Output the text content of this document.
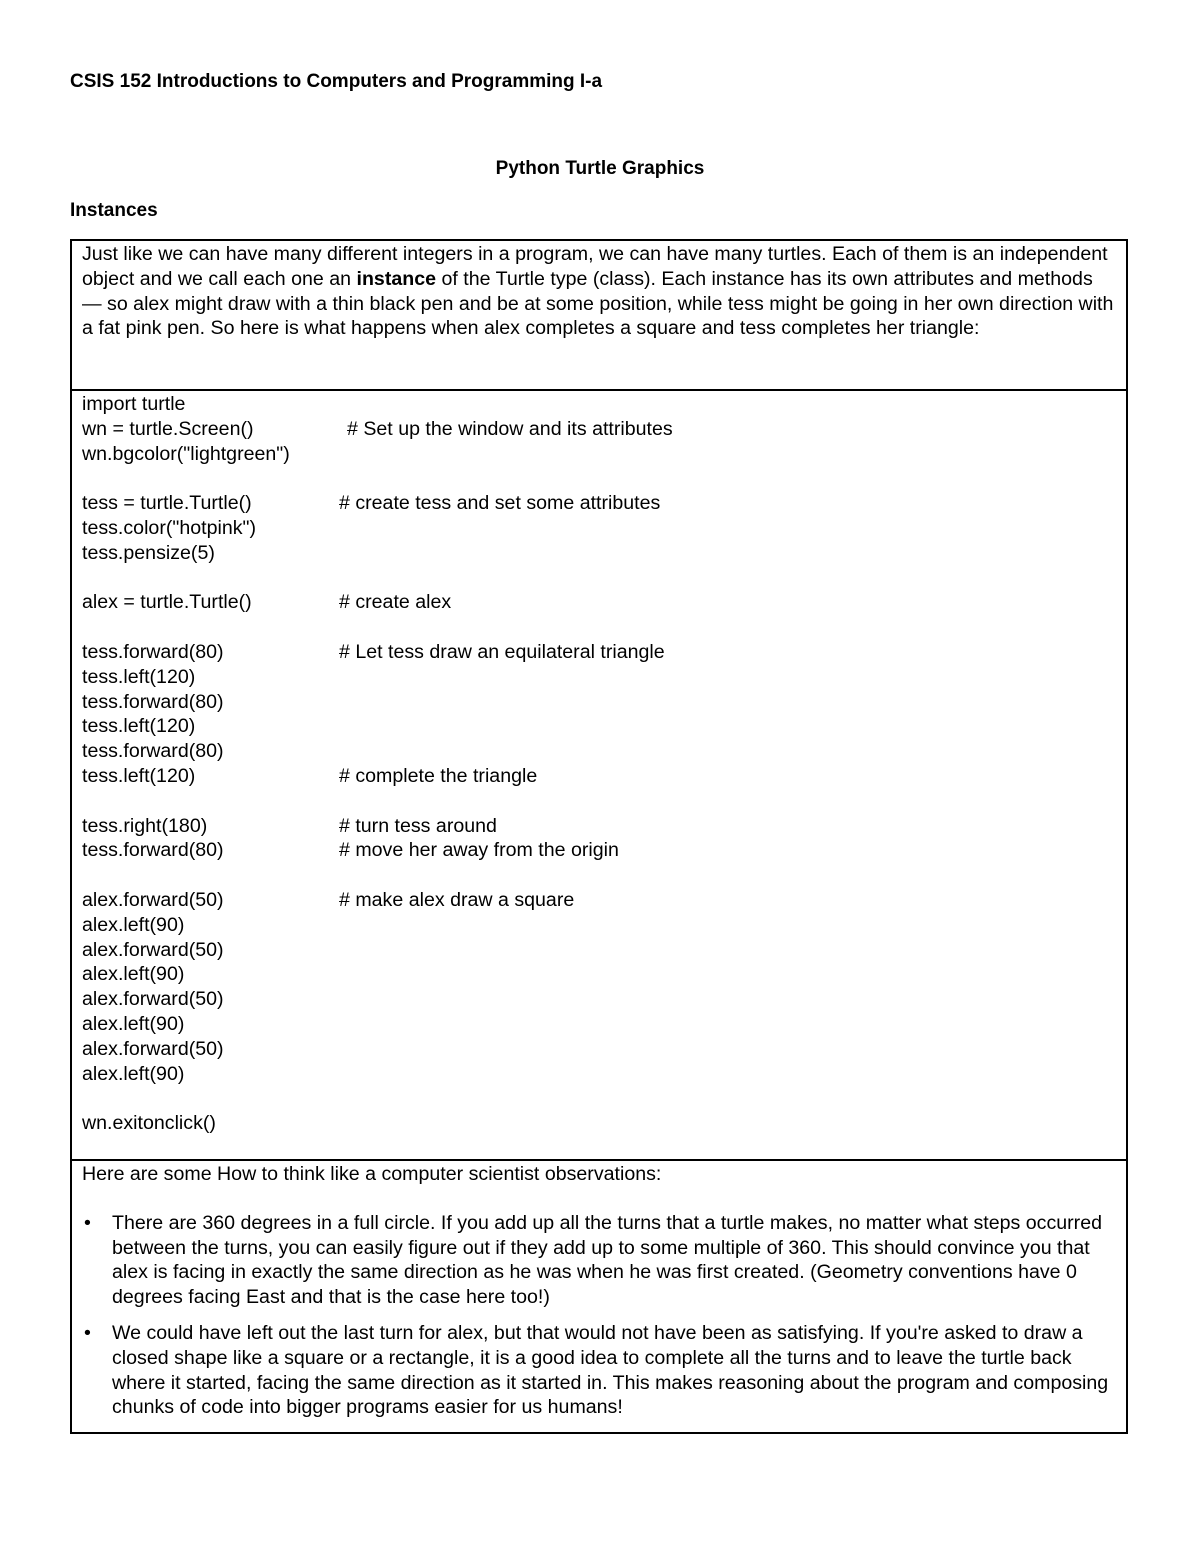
CSIS 152 Introductions to Computers and Programming I-a
Python Turtle Graphics
Instances
Just like we can have many different integers in a program, we can have many turtles. Each of them is an independent object and we call each one an instance of the Turtle type (class). Each instance has its own attributes and methods — so alex might draw with a thin black pen and be at some position, while tess might be going in her own direction with a fat pink pen. So here is what happens when alex completes a square and tess completes her triangle:
import turtle
wn = turtle.Screen()	# Set up the window and its attributes
wn.bgcolor("lightgreen")
tess = turtle.Turtle()	# create tess and set some attributes
tess.color("hotpink")
tess.pensize(5)
alex = turtle.Turtle()	# create alex
tess.forward(80)	# Let tess draw an equilateral triangle
tess.left(120)
tess.forward(80)
tess.left(120)
tess.forward(80)
tess.left(120)	# complete the triangle
tess.right(180)	# turn tess around
tess.forward(80)	# move her away from the origin
alex.forward(50)	# make alex draw a square
alex.left(90)
alex.forward(50)
alex.left(90)
alex.forward(50)
alex.left(90)
alex.forward(50)
alex.left(90)
wn.exitonclick()
Here are some How to think like a computer scientist observations:
• There are 360 degrees in a full circle. If you add up all the turns that a turtle makes, no matter what steps occurred between the turns, you can easily figure out if they add up to some multiple of 360. This should convince you that alex is facing in exactly the same direction as he was when he was first created. (Geometry conventions have 0 degrees facing East and that is the case here too!)
• We could have left out the last turn for alex, but that would not have been as satisfying. If you're asked to draw a closed shape like a square or a rectangle, it is a good idea to complete all the turns and to leave the turtle back where it started, facing the same direction as it started in. This makes reasoning about the program and composing chunks of code into bigger programs easier for us humans!
